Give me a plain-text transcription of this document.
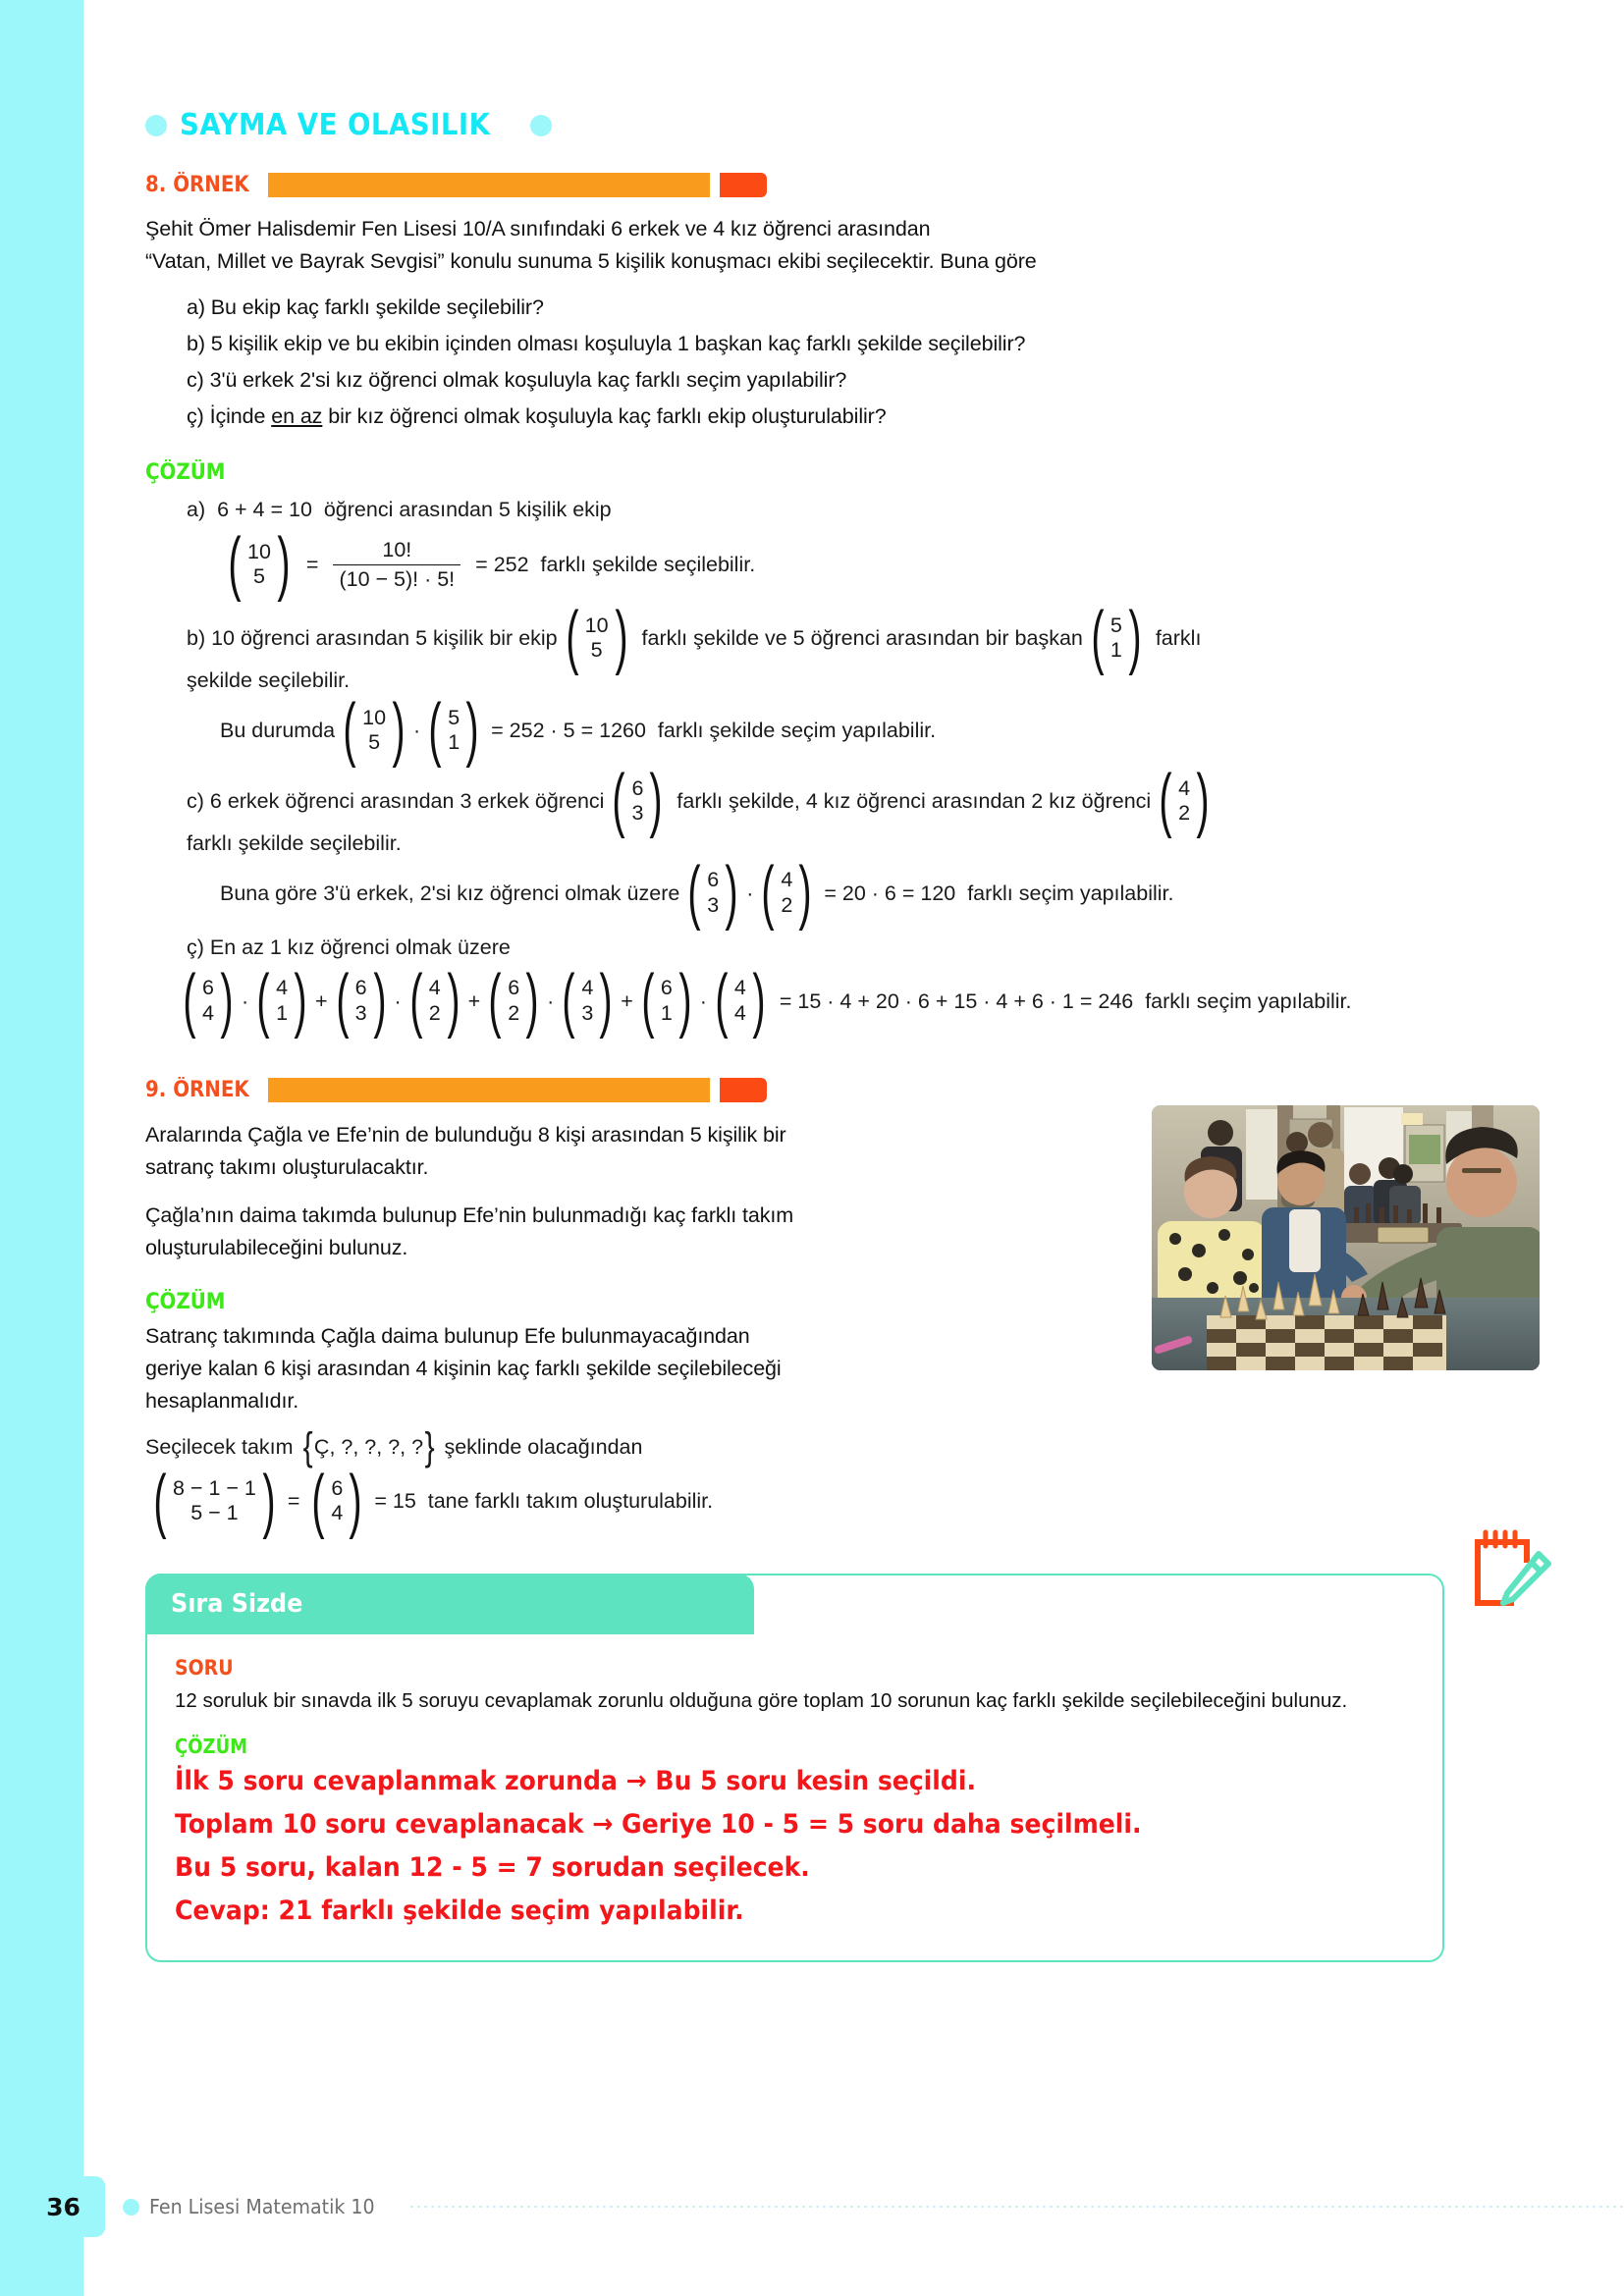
SAYMA VE OLASILIK
8. ÖRNEK
Şehit Ömer Halisdemir Fen Lisesi 10/A sınıfındaki 6 erkek ve 4 kız öğrenci arasından
“Vatan, Millet ve Bayrak Sevgisi” konulu sunuma 5 kişilik konuşmacı ekibi seçilecektir. Buna göre
a) Bu ekip kaç farklı şekilde seçilebilir?
b) 5 kişilik ekip ve bu ekibin içinden olması koşuluyla 1 başkan kaç farklı şekilde seçilebilir?
c) 3'ü erkek 2'si kız öğrenci olmak koşuluyla kaç farklı seçim yapılabilir?
ç) İçinde en az bir kız öğrenci olmak koşuluyla kaç farklı ekip oluşturulabilir?
ÇÖZÜM
a)  6 + 4 = 10  öğrenci arasından 5 kişilik ekip
( 10
5 ) = $\frac{10!}{(10 - 5)! \cdot 5!} = 252$  farklı şekilde seçilebilir.
b) 10 öğrenci arasından 5 kişilik bir ekip ( 10
5 ) farklı şekilde ve 5 öğrenci arasından bir başkan ( 5
1 ) farklı
şekilde seçilebilir.
Bu durumda ( 10
5 ) · ( 5
1 ) = 252 · 5 = 1260  farklı şekilde seçim yapılabilir.
c) 6 erkek öğrenci arasından 3 erkek öğrenci ( 6
3 ) farklı şekilde, 4 kız öğrenci arasından 2 kız öğrenci ( 4
2 )
farklı şekilde seçilebilir.
Buna göre 3'ü erkek, 2'si kız öğrenci olmak üzere ( 6
3 ) · ( 4
2 ) = 20 · 6 = 120  farklı seçim yapılabilir.
ç) En az 1 kız öğrenci olmak üzere
( 6
4 ) · ( 4
1 ) + ( 6
3 ) · ( 4
2 ) + ( 6
2 ) · ( 4
3 ) + ( 6
1 ) · ( 4
4 ) = 15 · 4 + 20 · 6 + 15 · 4 + 6 · 1 = 246  farklı seçim yapılabilir.
9. ÖRNEK
Aralarında Çağla ve Efe’nin de bulunduğu 8 kişi arasından 5 kişilik bir
satranç takımı oluşturulacaktır.
Çağla’nın daima takımda bulunup Efe’nin bulunmadığı kaç farklı takım
oluşturulabileceğini bulunuz.
ÇÖZÜM
Satranç takımında Çağla daima bulunup Efe bulunmayacağından
geriye kalan 6 kişi arasından 4 kişinin kaç farklı şekilde seçilebileceği
hesaplanmalıdır.
Seçilecek takım { Ç, ?, ?, ?, ? } şeklinde olacağından
( 8 − 1 − 1
5 − 1 ) = ( 6
4 ) = 15  tane farklı takım oluşturulabilir.
Sıra Sizde
SORU
12 soruluk bir sınavda ilk 5 soruyu cevaplamak zorunlu olduğuna göre toplam 10 sorunun kaç farklı şekilde seçilebileceğini bulunuz.
ÇÖZÜM
İlk 5 soru cevaplanmak zorunda → Bu 5 soru kesin seçildi.
Toplam 10 soru cevaplanacak → Geriye 10 - 5 = 5 soru daha seçilmeli.
Bu 5 soru, kalan 12 - 5 = 7 sorudan seçilecek.
Cevap: 21 farklı şekilde seçim yapılabilir.
36	Fen Lisesi Matematik 10
